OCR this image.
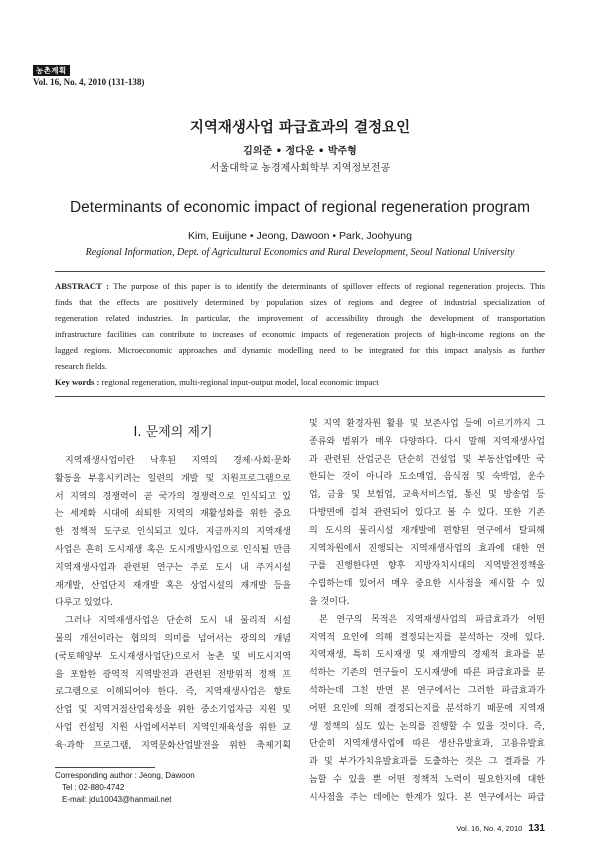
농촌계획
Vol. 16, No. 4, 2010 (131-138)
지역재생사업 파급효과의 결정요인
김의준 • 정다운 • 박주형
서울대학교 농경제사회학부 지역정보전공
Determinants of economic impact of regional regeneration program
Kim, Euijune • Jeong, Dawoon • Park, Joohyung
Regional Information, Dept. of Agricultural Economics and Rural Development, Seoul National University
ABSTRACT : The purpose of this paper is to identify the determinants of spillover effects of regional regeneration projects. This
finds that the effects are positively determined by population sizes of regions and degree of industrial specialization of
regeneration related industries. In particular, the improvement of accessibility through the development of transportation
infrastructure facilities can contribute to increases of economic impacts of regeneration projects of high-income regions on the
lagged regions. Microeconomic approaches and dynamic modelling need to be integrated for this impact analysis as further
research fields.
Key words : regional regeneration, multi-regional input-output model, local economic impact
I. 문제의 제기
지역재생사업이란 낙후된 지역의 경제·사회·문화
활동을 부흥시키려는 일련의 개발 및 지원프로그램으로
서 지역의 경쟁력이 곧 국가의 경쟁력으로 인식되고 있
는 세계화 시대에 쇠퇴한 지역의 재활성화를 위한 중요
한 정책적 도구로 인식되고 있다. 지금까지의 지역재생
사업은 흔히 도시재생 혹은 도시개발사업으로 인식될 만큼
지역재생사업과 관련된 연구는 주로 도시 내 주거시설
재개발, 산업단지 재개발 혹은 상업시설의 재개발 등을
다루고 있었다.
그러나 지역재생사업은 단순히 도시 내 물리적 시설
물의 개선이라는 협의의 의미를 넘어서는 광의의 개념
(국토해양부 도시재생사업단)으로서 농촌 및 비도시지역
을 포함한 광역적 지역발전과 관련된 전방위적 정책 프
로그램으로 이해되어야 한다. 즉, 지역재생사업은 향토
산업 및 지역거점산업육성을 위한 중소기업자금 지원 및
사업 컨설팅 지원 사업에서부터 지역인재육성을 위한 교
육·과학 프로그램, 지역문화산업발전을 위한 축제기획
및 지역 환경자원 활용 및 보존사업 등에 이르기까지 그
종류와 범위가 매우 다양하다. 다시 말해 지역재생사업
과 관련된 산업군은 단순히 건설업 및 부동산업에만 국
한되는 것이 아니라 도소매업, 음식점 및 숙박업, 운수
업, 금융 및 보험업, 교육서비스업, 통신 및 방송업 등
다방면에 걸쳐 관련되어 있다고 볼 수 있다. 또한 기존
의 도시의 물리시설 재개발에 편향된 연구에서 탈피해
지역차원에서 진행되는 지역재생사업의 효과에 대한 연
구를 진행한다면 향후 지방자치시대의 지역발전정책을
수립하는데 있어서 매우 중요한 시사점을 제시할 수 있
을 것이다.
본 연구의 목적은 지역재생사업의 파급효과가 어떤
지역적 요인에 의해 결정되는지를 분석하는 것에 있다.
지역재생, 특히 도시재생 및 재개발의 경제적 효과를 분
석하는 기존의 연구들이 도시재생에 따른 파급효과를 분
석하는데 그친 반면 본 연구에서는 그러한 파급효과가
어떤 요인에 의해 결정되는지를 분석하기 때문에 지역재
생 정책의 심도 있는 논의를 진행할 수 있을 것이다. 즉,
단순히 지역재생사업에 따른 생산유발효과, 고용유발효
과 및 부가가치유발효과를 도출하는 것은 그 결과를 가
늠할 수 있을 뿐 어떤 정책적 노력이 필요한지에 대한
시사점을 주는 데에는 한계가 있다. 본 연구에서는 파급
Corresponding author : Jeong, Dawoon
Tel : 02-880-4742
E-mail: jdu10043@hanmail.net
Vol. 16, No. 4, 2010 131
